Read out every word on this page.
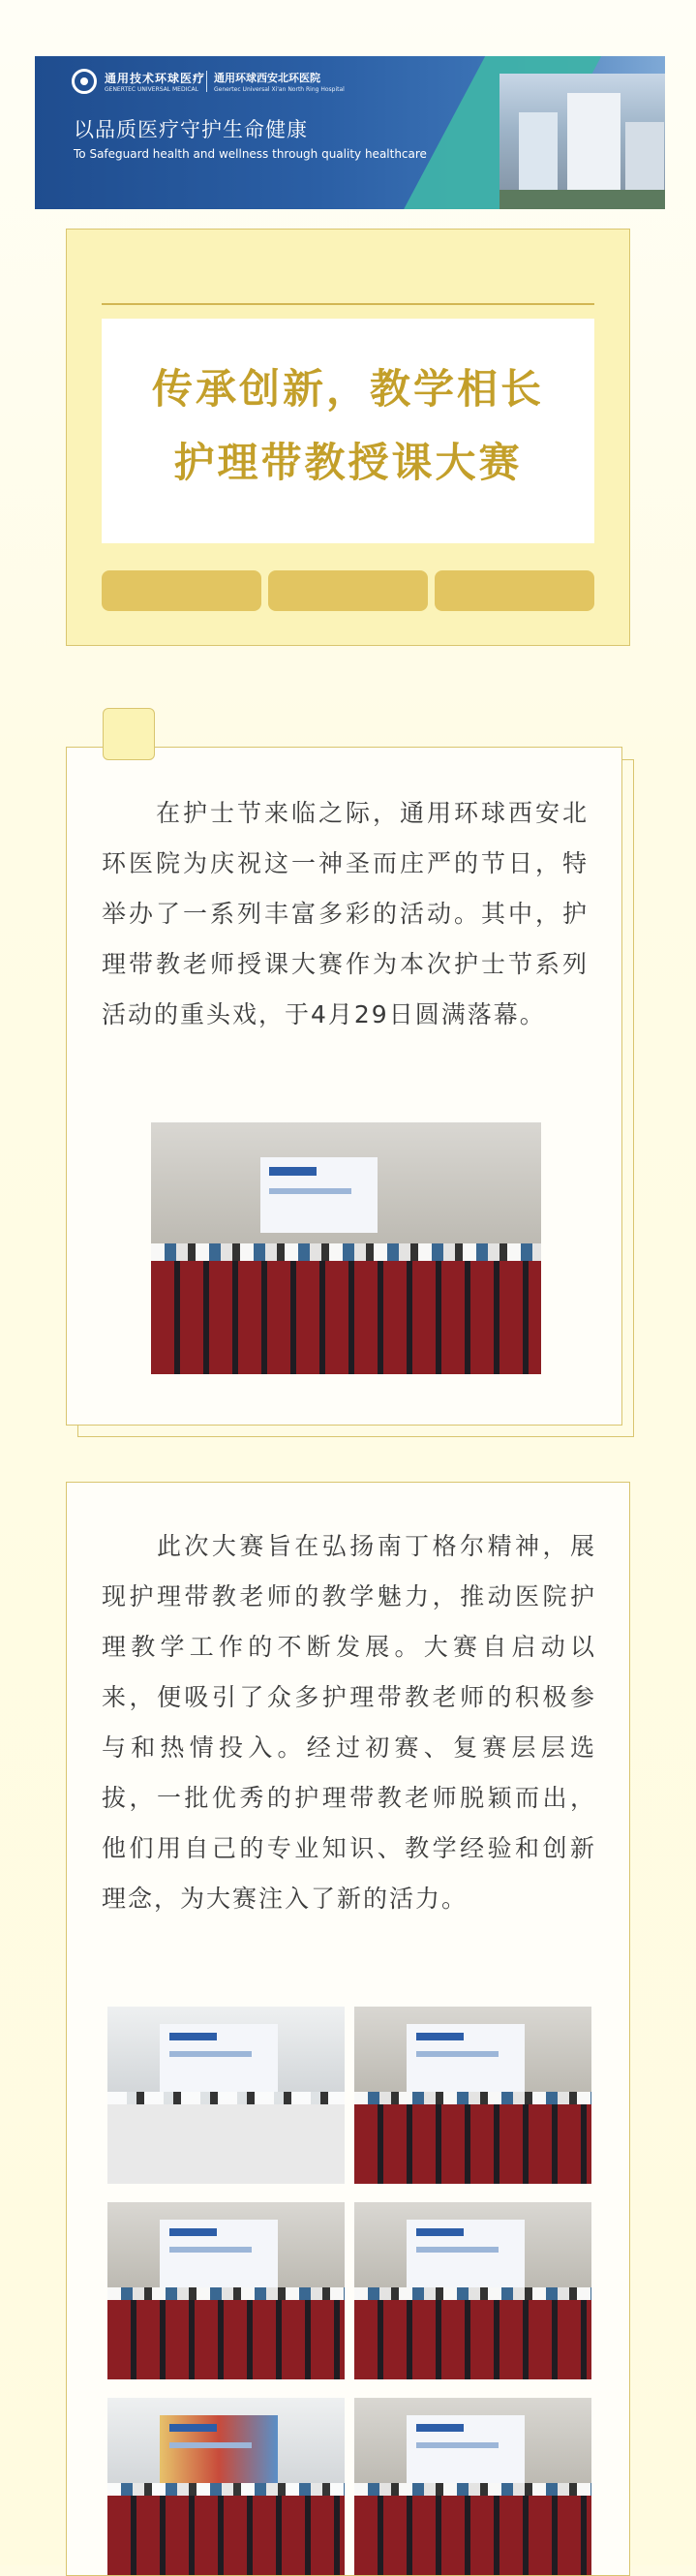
通用技术环球医疗
GENERTEC UNIVERSAL MEDICAL
通用环球西安北环医院
Genertec Universal Xi'an North Ring Hospital
以品质医疗守护生命健康
To Safeguard health and wellness through quality healthcare
传承创新，教学相长
护理带教授课大赛
　　在护士节来临之际，通用环球西安北环医院为庆祝这一神圣而庄严的节日，特举办了一系列丰富多彩的活动。其中，护理带教老师授课大赛作为本次护士节系列活动的重头戏，于4月29日圆满落幕。
　　此次大赛旨在弘扬南丁格尔精神，展现护理带教老师的教学魅力，推动医院护理教学工作的不断发展。大赛自启动以来，便吸引了众多护理带教老师的积极参与和热情投入。经过初赛、复赛层层选拔，一批优秀的护理带教老师脱颖而出，他们用自己的专业知识、教学经验和创新理念，为大赛注入了新的活力。
